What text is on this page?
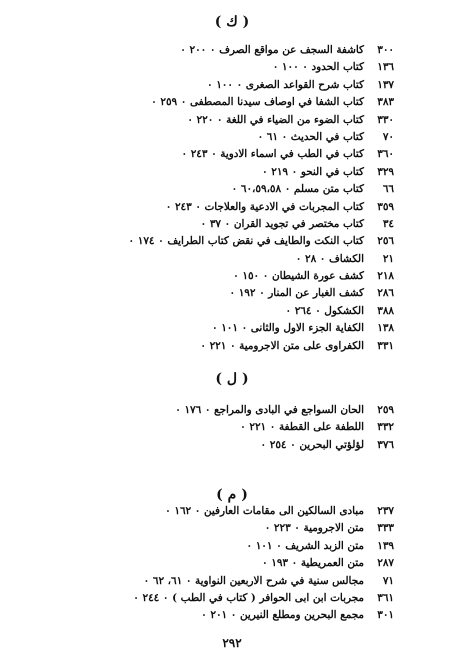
( ك )
٣٠٠كاشفة السجف عن مواقع الصرف ٠ ٢٠٠ ٠
١٣٦كتاب الحدود ٠ ١٠٠ ٠
١٣٧كتاب شرح القواعد الصغرى ٠ ١٠٠ ٠
٣٨٣كتاب الشفا في اوصاف سيدنا المصطفى ٠ ٢٥٩ ٠
٣٣٠كتاب الضوء من الضياء في اللغة ٠ ٢٢٠ ٠
٧٠كتاب في الحديث ٠ ٦١ ٠
٣٦٠كتاب في الطب في اسماء الادوية ٠ ٢٤٣ ٠
٣٢٩كتاب في النحو ٠ ٢١٩ ٠
٦٦كتاب متن مسلم ٠ ٦٠،٥٩،٥٨ ٠
٣٥٩كتاب المجربات في الادعية والعلاجات ٠ ٢٤٣ ٠
٣٤كتاب مختصر في تجويد القران ٠ ٣٧ ٠
٢٥٦كتاب النكت والطايف في نقض كتاب الطرايف ٠ ١٧٤ ٠
٢١الكشاف ٠ ٢٨ ٠
٢١٨كشف عورة الشيطان ٠ ١٥٠ ٠
٢٨٦كشف الغبار عن المنار ٠ ١٩٢ ٠
٣٨٨الكشكول ٠ ٢٦٤ ٠
١٣٨الكفاية الجزء الاول والثانى ٠ ١٠١ ٠
٣٣١الكفراوى على متن الاجرومية ٠ ٢٢١ ٠
( ل )
٢٥٩الحان السواجع في البادى والمراجع ٠ ١٧٦ ٠
٣٣٢اللطفة على القطفة ٠ ٢٢١ ٠
٣٧٦لؤلؤتي البحرين ٠ ٢٥٤ ٠
( م )
٢٣٧مبادى السالكين الى مقامات العارفين ٠ ١٦٢ ٠
٣٣٣متن الاجرومية ٠ ٢٢٣ ٠
١٣٩متن الزبد الشريف ٠ ١٠١ ٠
٢٨٧متن العمريطية ٠ ١٩٣ ٠
٧١مجالس سنية في شرح الاربعين النواوية ٠ ٦١، ٦٢ ٠
٣٦١مجربات ابن ابى الحوافر ( كتاب في الطب ) ٠ ٢٤٤ ٠
٣٠١مجمع البحرين ومطلع النيرين ٠ ٢٠١ ٠
٢٩٢
